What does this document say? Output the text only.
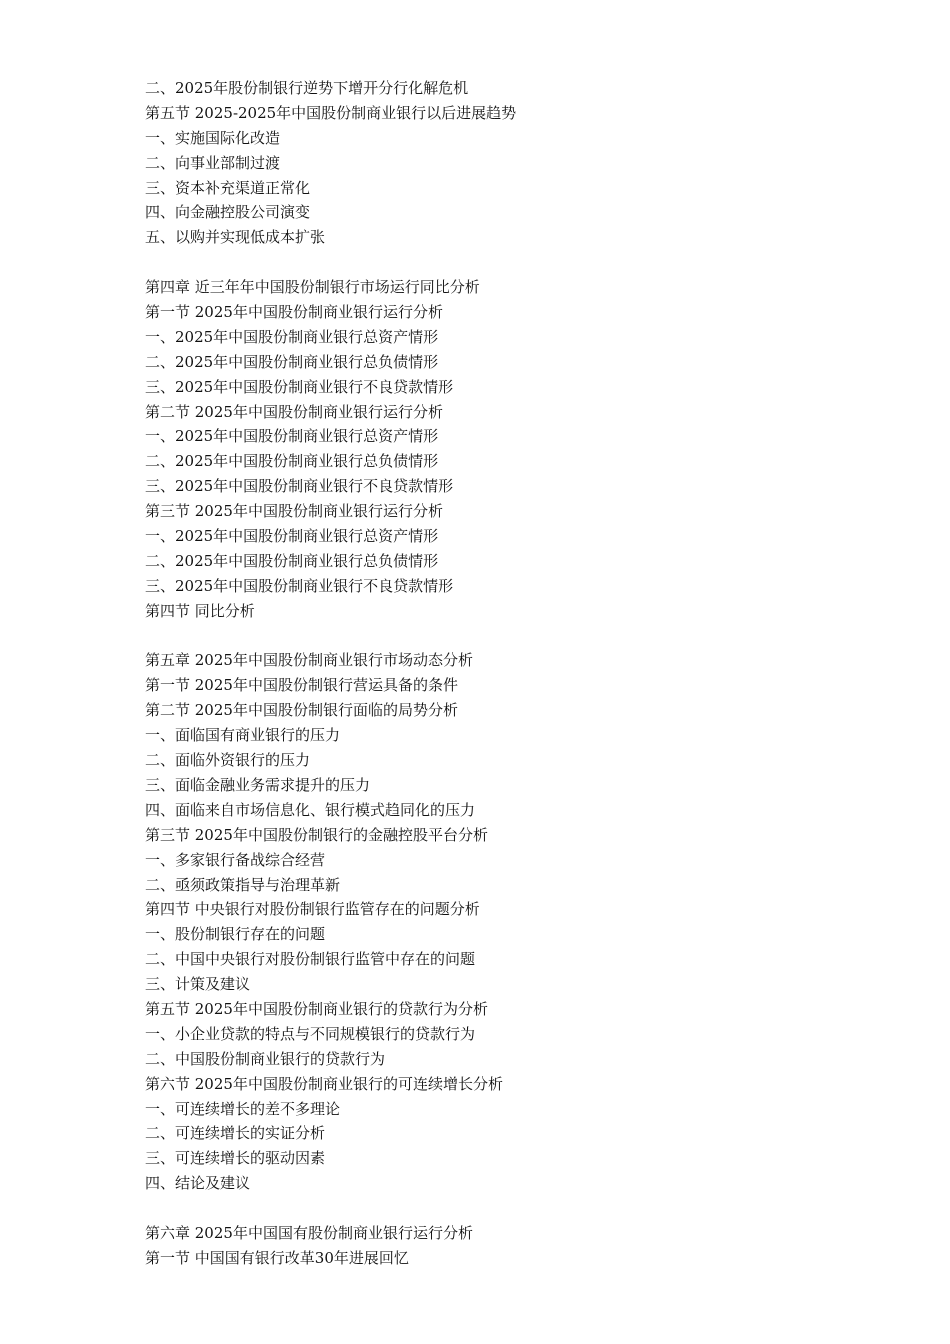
二、2025年股份制银行逆势下增开分行化解危机
第五节 2025-2025年中国股份制商业银行以后进展趋势
一、实施国际化改造
二、向事业部制过渡
三、资本补充渠道正常化
四、向金融控股公司演变
五、以购并实现低成本扩张
第四章 近三年年中国股份制银行市场运行同比分析
第一节 2025年中国股份制商业银行运行分析
一、2025年中国股份制商业银行总资产情形
二、2025年中国股份制商业银行总负债情形
三、2025年中国股份制商业银行不良贷款情形
第二节 2025年中国股份制商业银行运行分析
一、2025年中国股份制商业银行总资产情形
二、2025年中国股份制商业银行总负债情形
三、2025年中国股份制商业银行不良贷款情形
第三节 2025年中国股份制商业银行运行分析
一、2025年中国股份制商业银行总资产情形
二、2025年中国股份制商业银行总负债情形
三、2025年中国股份制商业银行不良贷款情形
第四节 同比分析
第五章 2025年中国股份制商业银行市场动态分析
第一节 2025年中国股份制银行营运具备的条件
第二节 2025年中国股份制银行面临的局势分析
一、面临国有商业银行的压力
二、面临外资银行的压力
三、面临金融业务需求提升的压力
四、面临来自市场信息化、银行模式趋同化的压力
第三节 2025年中国股份制银行的金融控股平台分析
一、多家银行备战综合经营
二、亟须政策指导与治理革新
第四节 中央银行对股份制银行监管存在的问题分析
一、股份制银行存在的问题
二、中国中央银行对股份制银行监管中存在的问题
三、计策及建议
第五节 2025年中国股份制商业银行的贷款行为分析
一、小企业贷款的特点与不同规模银行的贷款行为
二、中国股份制商业银行的贷款行为
第六节 2025年中国股份制商业银行的可连续增长分析
一、可连续增长的差不多理论
二、可连续增长的实证分析
三、可连续增长的驱动因素
四、结论及建议
第六章 2025年中国国有股份制商业银行运行分析
第一节 中国国有银行改革30年进展回忆
